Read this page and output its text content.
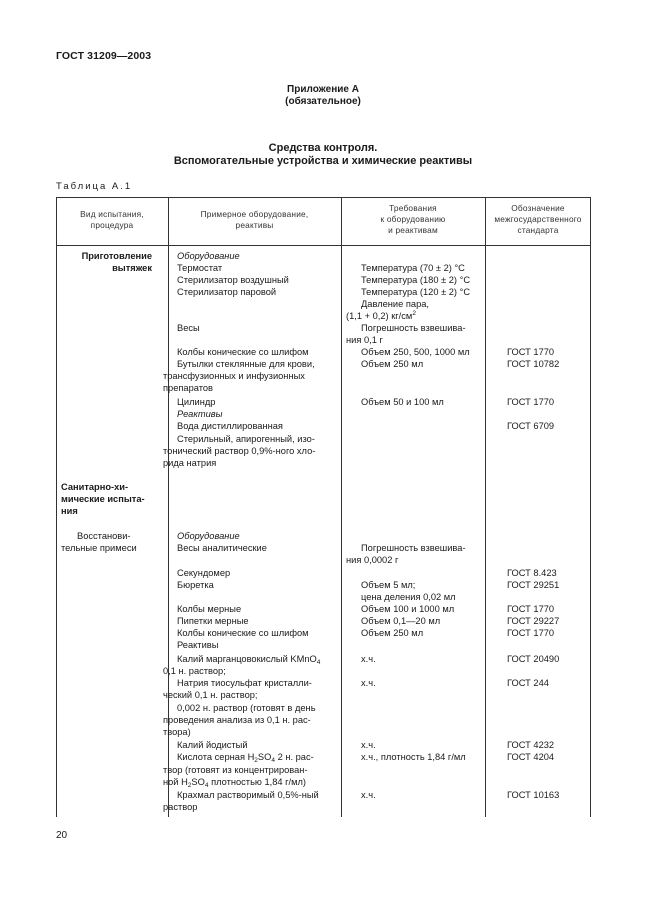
ГОСТ 31209—2003
Приложение А
(обязательное)
Средства контроля.
Вспомогательные устройства и химические реактивы
Таблица А.1
Вид испытания,
процедура
Примерное оборудование,
реактивы
Требования
к оборудованию
и реактивам
Обозначение
межгосударственного
стандарта
Приготовление
вытяжек
Санитарно-хи-
мические испыта-
ния
Восстанови-
тельные примеси
Оборудование
Термостат
Стерилизатор воздушный
Стерилизатор паровой
Весы
Колбы конические со шлифом
Бутылки стеклянные для крови,
трансфузионных и инфузионных
препаратов
Цилиндр
Реактивы
Вода дистиллированная
Стерильный, апирогенный, изо-
тонический раствор 0,9%-ного хло-
рида натрия
Оборудование
Весы аналитические
Секундомер
Бюретка
Колбы мерные
Пипетки мерные
Колбы конические со шлифом
Реактивы
Калий марганцовокислый KMnO$_4$
0,1 н. раствор;
Натрия тиосульфат кристалли-
ческий 0,1 н. раствор;
0,002 н. раствор (готовят в день
проведения анализа из 0,1 н. рас-
твора)
Калий йодистый
Кислота серная $H_2SO_4$ 2 н. рас-
твор (готовят из концентрирован-
ной $H_2SO_4$ плотностью 1,84 г/мл)
Крахмал растворимый 0,5%-ный
раствор
Температура (70 ± 2) °С
Температура (180 ± 2) °С
Температура (120 ± 2) °С
Давление пара,
(1,1 + 0,2) $кг/см^2$
Погрешность взвешива-
ния 0,1 г
Объем 250, 500, 1000 мл
Объем 250 мл
Объем 50 и 100 мл
Погрешность взвешива-
ния 0,0002 г
Объем 5 мл;
цена деления 0,02 мл
Объем 100 и 1000 мл
Объем 0,1—20 мл
Объем 250 мл
х.ч.
х.ч.
х.ч.
х.ч., плотность 1,84 г/мл
х.ч.
ГОСТ 1770
ГОСТ 10782
ГОСТ 1770
ГОСТ 6709
ГОСТ 8.423
ГОСТ 29251
ГОСТ 1770
ГОСТ 29227
ГОСТ 1770
ГОСТ 20490
ГОСТ 244
ГОСТ 4232
ГОСТ 4204
ГОСТ 10163
20
